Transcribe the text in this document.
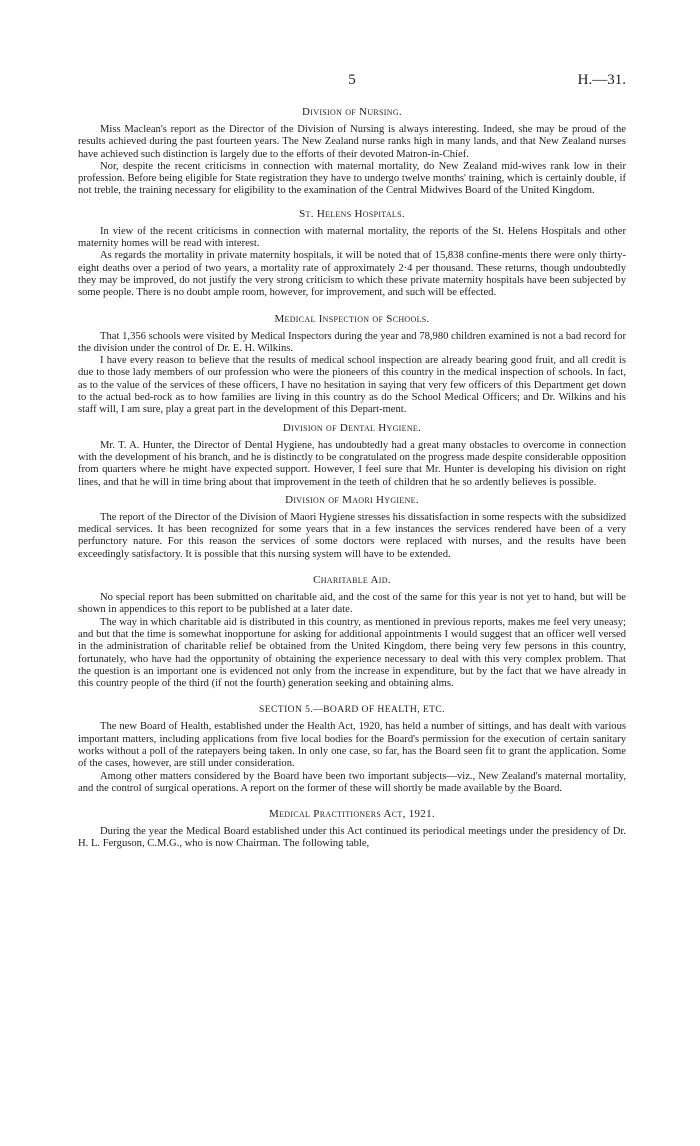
5	H.—31.
Division of Nursing.

Miss Maclean's report as the Director of the Division of Nursing is always interesting. Indeed, she may be proud of the results achieved during the past fourteen years. The New Zealand nurse ranks high in many lands, and that New Zealand nurses have achieved such distinction is largely due to the efforts of their devoted Matron-in-Chief.

Nor, despite the recent criticisms in connection with maternal mortality, do New Zealand mid-wives rank low in their profession. Before being eligible for State registration they have to undergo twelve months' training, which is certainly double, if not treble, the training necessary for eligibility to the examination of the Central Midwives Board of the United Kingdom.

St. Helens Hospitals.

In view of the recent criticisms in connection with maternal mortality, the reports of the St. Helens Hospitals and other maternity homes will be read with interest.

As regards the mortality in private maternity hospitals, it will be noted that of 15,838 confine-ments there were only thirty-eight deaths over a period of two years, a mortality rate of approximately 2·4 per thousand. These returns, though undoubtedly they may be improved, do not justify the very strong criticism to which these private maternity hospitals have been subjected by some people. There is no doubt ample room, however, for improvement, and such will be effected.

Medical Inspection of Schools.

That 1,356 schools were visited by Medical Inspectors during the year and 78,980 children examined is not a bad record for the division under the control of Dr. E. H. Wilkins.

I have every reason to believe that the results of medical school inspection are already bearing good fruit, and all credit is due to those lady members of our profession who were the pioneers of this country in the medical inspection of schools. In fact, as to the value of the services of these officers, I have no hesitation in saying that very few officers of this Department get down to the actual bed-rock as to how families are living in this country as do the School Medical Officers; and Dr. Wilkins and his staff will, I am sure, play a great part in the development of this Depart-ment.

Division of Dental Hygiene.

Mr. T. A. Hunter, the Director of Dental Hygiene, has undoubtedly had a great many obstacles to overcome in connection with the development of his branch, and he is distinctly to be congratulated on the progress made despite considerable opposition from quarters where he might have expected support. However, I feel sure that Mr. Hunter is developing his division on right lines, and that he will in time bring about that improvement in the teeth of children that he so ardently believes is possible.

Division of Maori Hygiene.

The report of the Director of the Division of Maori Hygiene stresses his dissatisfaction in some respects with the subsidized medical services. It has been recognized for some years that in a few instances the services rendered have been of a very perfunctory nature. For this reason the services of some doctors were replaced with nurses, and the results have been exceedingly satisfactory. It is possible that this nursing system will have to be extended.

Charitable Aid.

No special report has been submitted on charitable aid, and the cost of the same for this year is not yet to hand, but will be shown in appendices to this report to be published at a later date.

The way in which charitable aid is distributed in this country, as mentioned in previous reports, makes me feel very uneasy; and but that the time is somewhat inopportune for asking for additional appointments I would suggest that an officer well versed in the administration of charitable relief be obtained from the United Kingdom, there being very few persons in this country, fortunately, who have had the opportunity of obtaining the experience necessary to deal with this very complex problem. That the question is an important one is evidenced not only from the increase in expenditure, but by the fact that we have already in this country people of the third (if not the fourth) generation seeking and obtaining alms.

SECTION 5.—BOARD OF HEALTH, ETC.

The new Board of Health, established under the Health Act, 1920, has held a number of sittings, and has dealt with various important matters, including applications from five local bodies for the Board's permission for the execution of certain sanitary works without a poll of the ratepayers being taken. In only one case, so far, has the Board seen fit to grant the application. Some of the cases, however, are still under consideration.

Among other matters considered by the Board have been two important subjects—viz., New Zealand's maternal mortality, and the control of surgical operations. A report on the former of these will shortly be made available by the Board.

Medical Practitioners Act, 1921.

During the year the Medical Board established under this Act continued its periodical meetings under the presidency of Dr. H. L. Ferguson, C.M.G., who is now Chairman. The following table,
